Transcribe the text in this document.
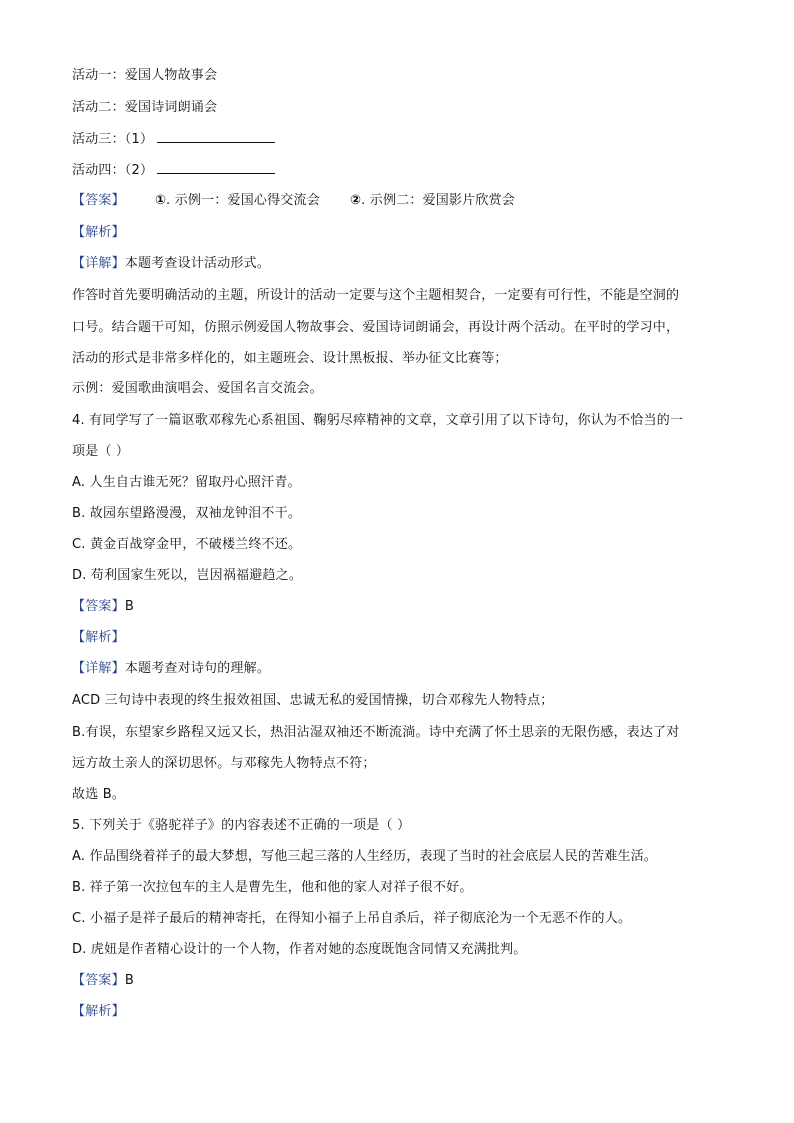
活动一：爱国人物故事会
活动二：爱国诗词朗诵会
活动三：（1）
活动四：（2）
【答案】 ①. 示例一：爱国心得交流会 ②. 示例二：爱国影片欣赏会
【解析】
【详解】本题考查设计活动形式。
作答时首先要明确活动的主题，所设计的活动一定要与这个主题相契合，一定要有可行性，不能是空洞的
口号。结合题干可知，仿照示例爱国人物故事会、爱国诗词朗诵会，再设计两个活动。在平时的学习中，
活动的形式是非常多样化的，如主题班会、设计黑板报、举办征文比赛等；
示例：爱国歌曲演唱会、爱国名言交流会。
4. 有同学写了一篇讴歌邓稼先心系祖国、鞠躬尽瘁精神的文章，文章引用了以下诗句，你认为不恰当的一
项是（ ）
A. 人生自古谁无死？留取丹心照汗青。
B. 故园东望路漫漫，双袖龙钟泪不干。
C. 黄金百战穿金甲，不破楼兰终不还。
D. 苟利国家生死以，岂因祸福避趋之。
【答案】B
【解析】
【详解】本题考查对诗句的理解。
ACD 三句诗中表现的终生报效祖国、忠诚无私的爱国情操，切合邓稼先人物特点；
B.有误，东望家乡路程又远又长，热泪沾湿双袖还不断流淌。诗中充满了怀土思亲的无限伤感，表达了对
远方故土亲人的深切思怀。与邓稼先人物特点不符；
故选 B。
5. 下列关于《骆驼祥子》的内容表述不正确的一项是（ ）
A. 作品围绕着祥子的最大梦想，写他三起三落的人生经历，表现了当时的社会底层人民的苦难生活。
B. 祥子第一次拉包车的主人是曹先生，他和他的家人对祥子很不好。
C. 小福子是祥子最后的精神寄托，在得知小福子上吊自杀后，祥子彻底沦为一个无恶不作的人。
D. 虎妞是作者精心设计的一个人物，作者对她的态度既饱含同情又充满批判。
【答案】B
【解析】
